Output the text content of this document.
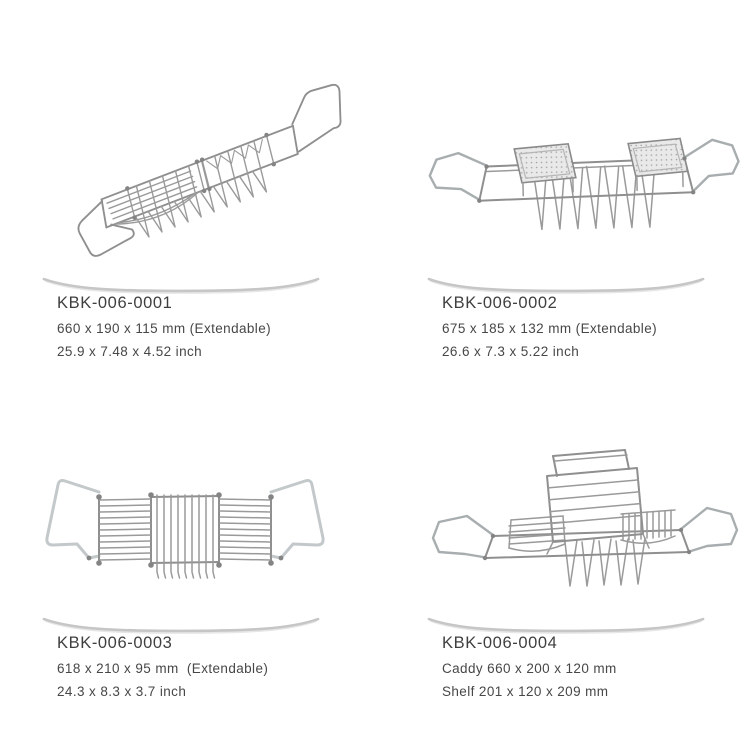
KBK-006-0001
660 x 190 x 115 mm (Extendable)
25.9 x 7.48 x 4.52 inch
KBK-006-0002
675 x 185 x 132 mm (Extendable)
26.6 x 7.3 x 5.22 inch
KBK-006-0003
618 x 210 x 95 mm  (Extendable)
24.3 x 8.3 x 3.7 inch
KBK-006-0004
Caddy 660 x 200 x 120 mm
Shelf 201 x 120 x 209 mm
